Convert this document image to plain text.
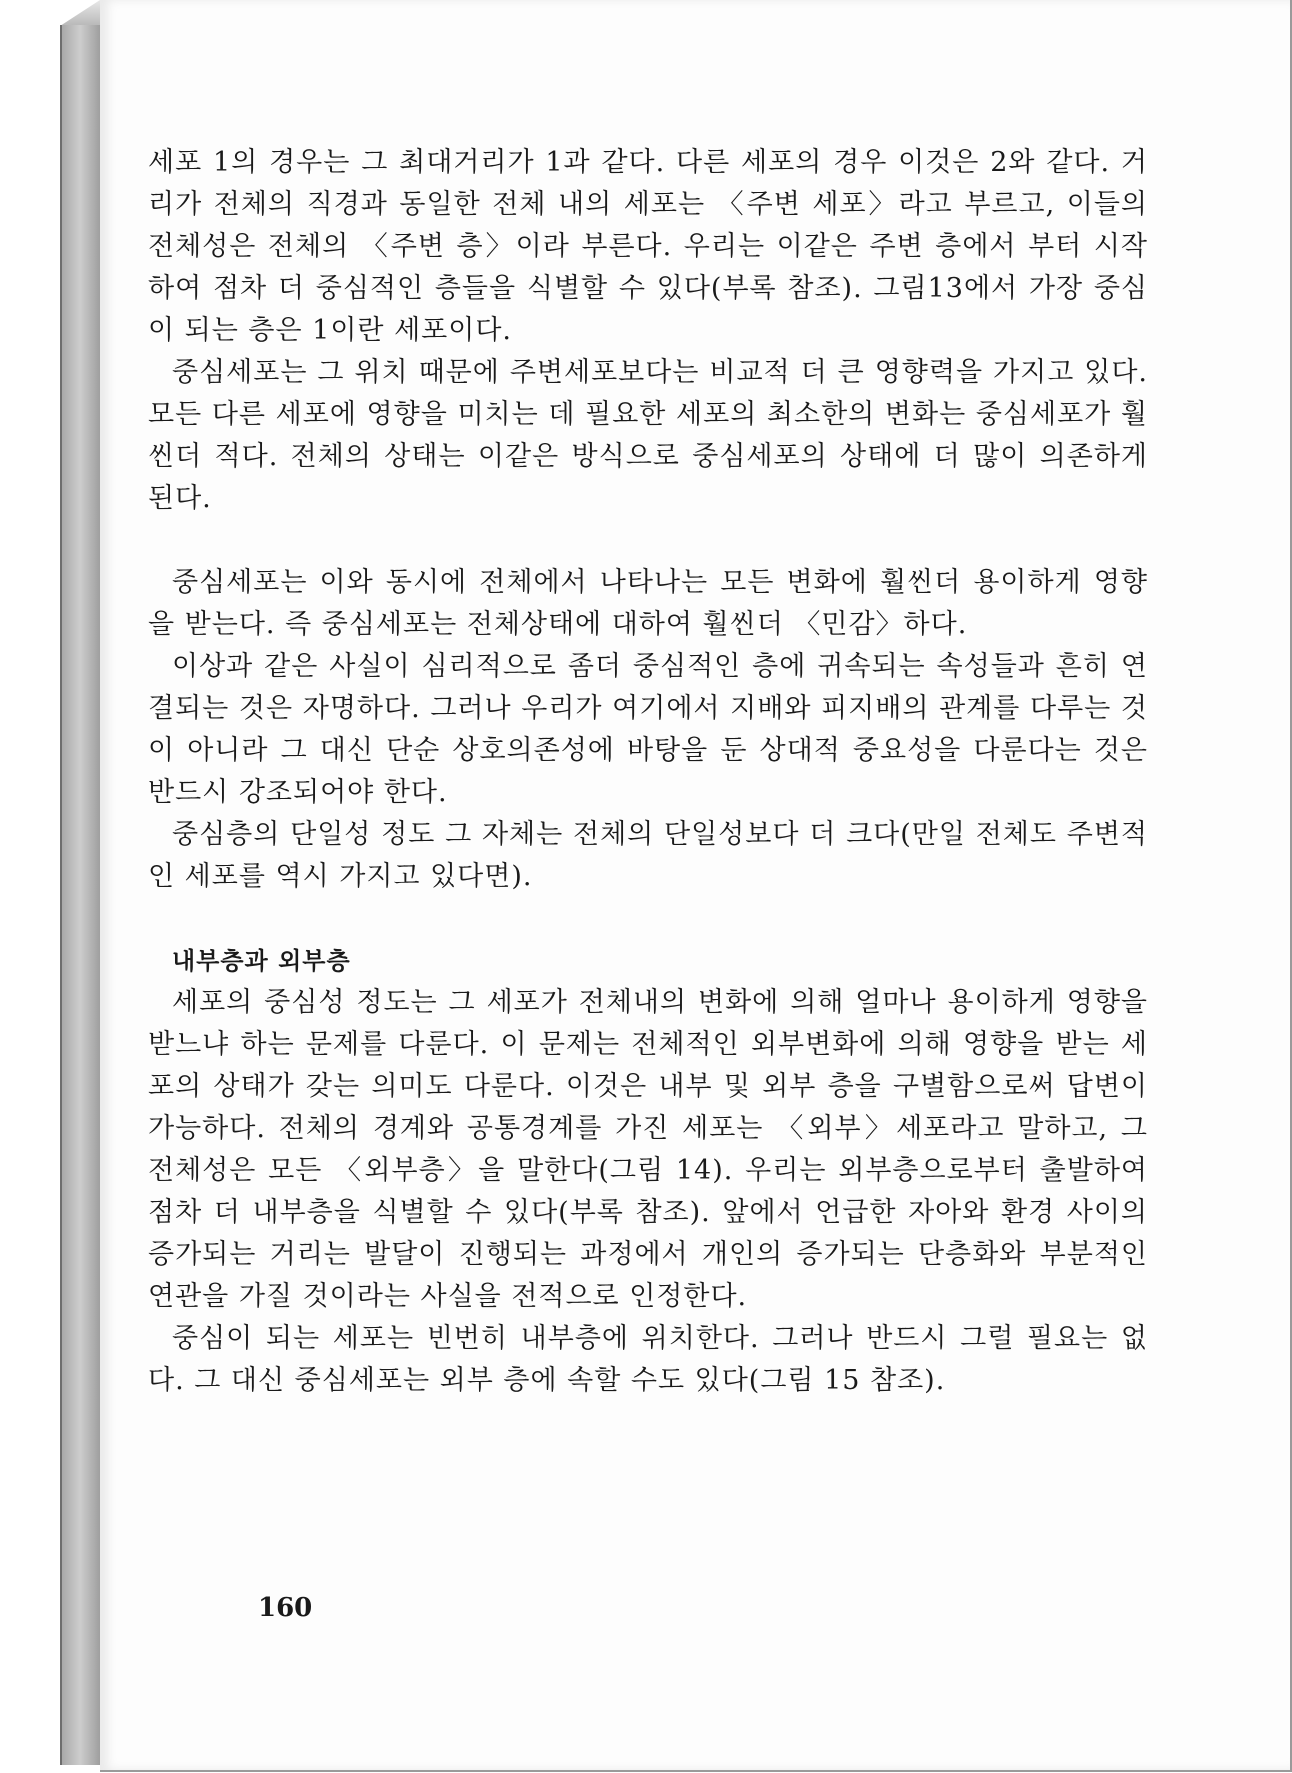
세포 1의 경우는 그 최대거리가 1과 같다. 다른 세포의 경우 이것은 2와 같다. 거리가 전체의 직경과 동일한 전체 내의 세포는 〈주변 세포〉라고 부르고, 이들의 전체성은 전체의 〈주변 층〉이라 부른다. 우리는 이같은 주변 층에서 부터 시작하여 점차 더 중심적인 층들을 식별할 수 있다(부록 참조). 그림13에서 가장 중심이 되는 층은 1이란 세포이다.

중심세포는 그 위치 때문에 주변세포보다는 비교적 더 큰 영향력을 가지고 있다. 모든 다른 세포에 영향을 미치는 데 필요한 세포의 최소한의 변화는 중심세포가 훨씬더 적다. 전체의 상태는 이같은 방식으로 중심세포의 상태에 더 많이 의존하게 된다.

중심세포는 이와 동시에 전체에서 나타나는 모든 변화에 훨씬더 용이하게 영향을 받는다. 즉 중심세포는 전체상태에 대하여 훨씬더 〈민감〉하다.

이상과 같은 사실이 심리적으로 좀더 중심적인 층에 귀속되는 속성들과 흔히 연결되는 것은 자명하다. 그러나 우리가 여기에서 지배와 피지배의 관계를 다루는 것이 아니라 그 대신 단순 상호의존성에 바탕을 둔 상대적 중요성을 다룬다는 것은 반드시 강조되어야 한다.

중심층의 단일성 정도 그 자체는 전체의 단일성보다 더 크다(만일 전체도 주변적인 세포를 역시 가지고 있다면).

내부층과 외부층

세포의 중심성 정도는 그 세포가 전체내의 변화에 의해 얼마나 용이하게 영향을 받느냐 하는 문제를 다룬다. 이 문제는 전체적인 외부변화에 의해 영향을 받는 세포의 상태가 갖는 의미도 다룬다. 이것은 내부 및 외부 층을 구별함으로써 답변이 가능하다. 전체의 경계와 공통경계를 가진 세포는 〈외부〉세포라고 말하고, 그 전체성은 모든 〈외부층〉을 말한다(그림 14). 우리는 외부층으로부터 출발하여 점차 더 내부층을 식별할 수 있다(부록 참조). 앞에서 언급한 자아와 환경 사이의 증가되는 거리는 발달이 진행되는 과정에서 개인의 증가되는 단층화와 부분적인 연관을 가질 것이라는 사실을 전적으로 인정한다.

중심이 되는 세포는 빈번히 내부층에 위치한다. 그러나 반드시 그럴 필요는 없다. 그 대신 중심세포는 외부 층에 속할 수도 있다(그림 15 참조).

160
